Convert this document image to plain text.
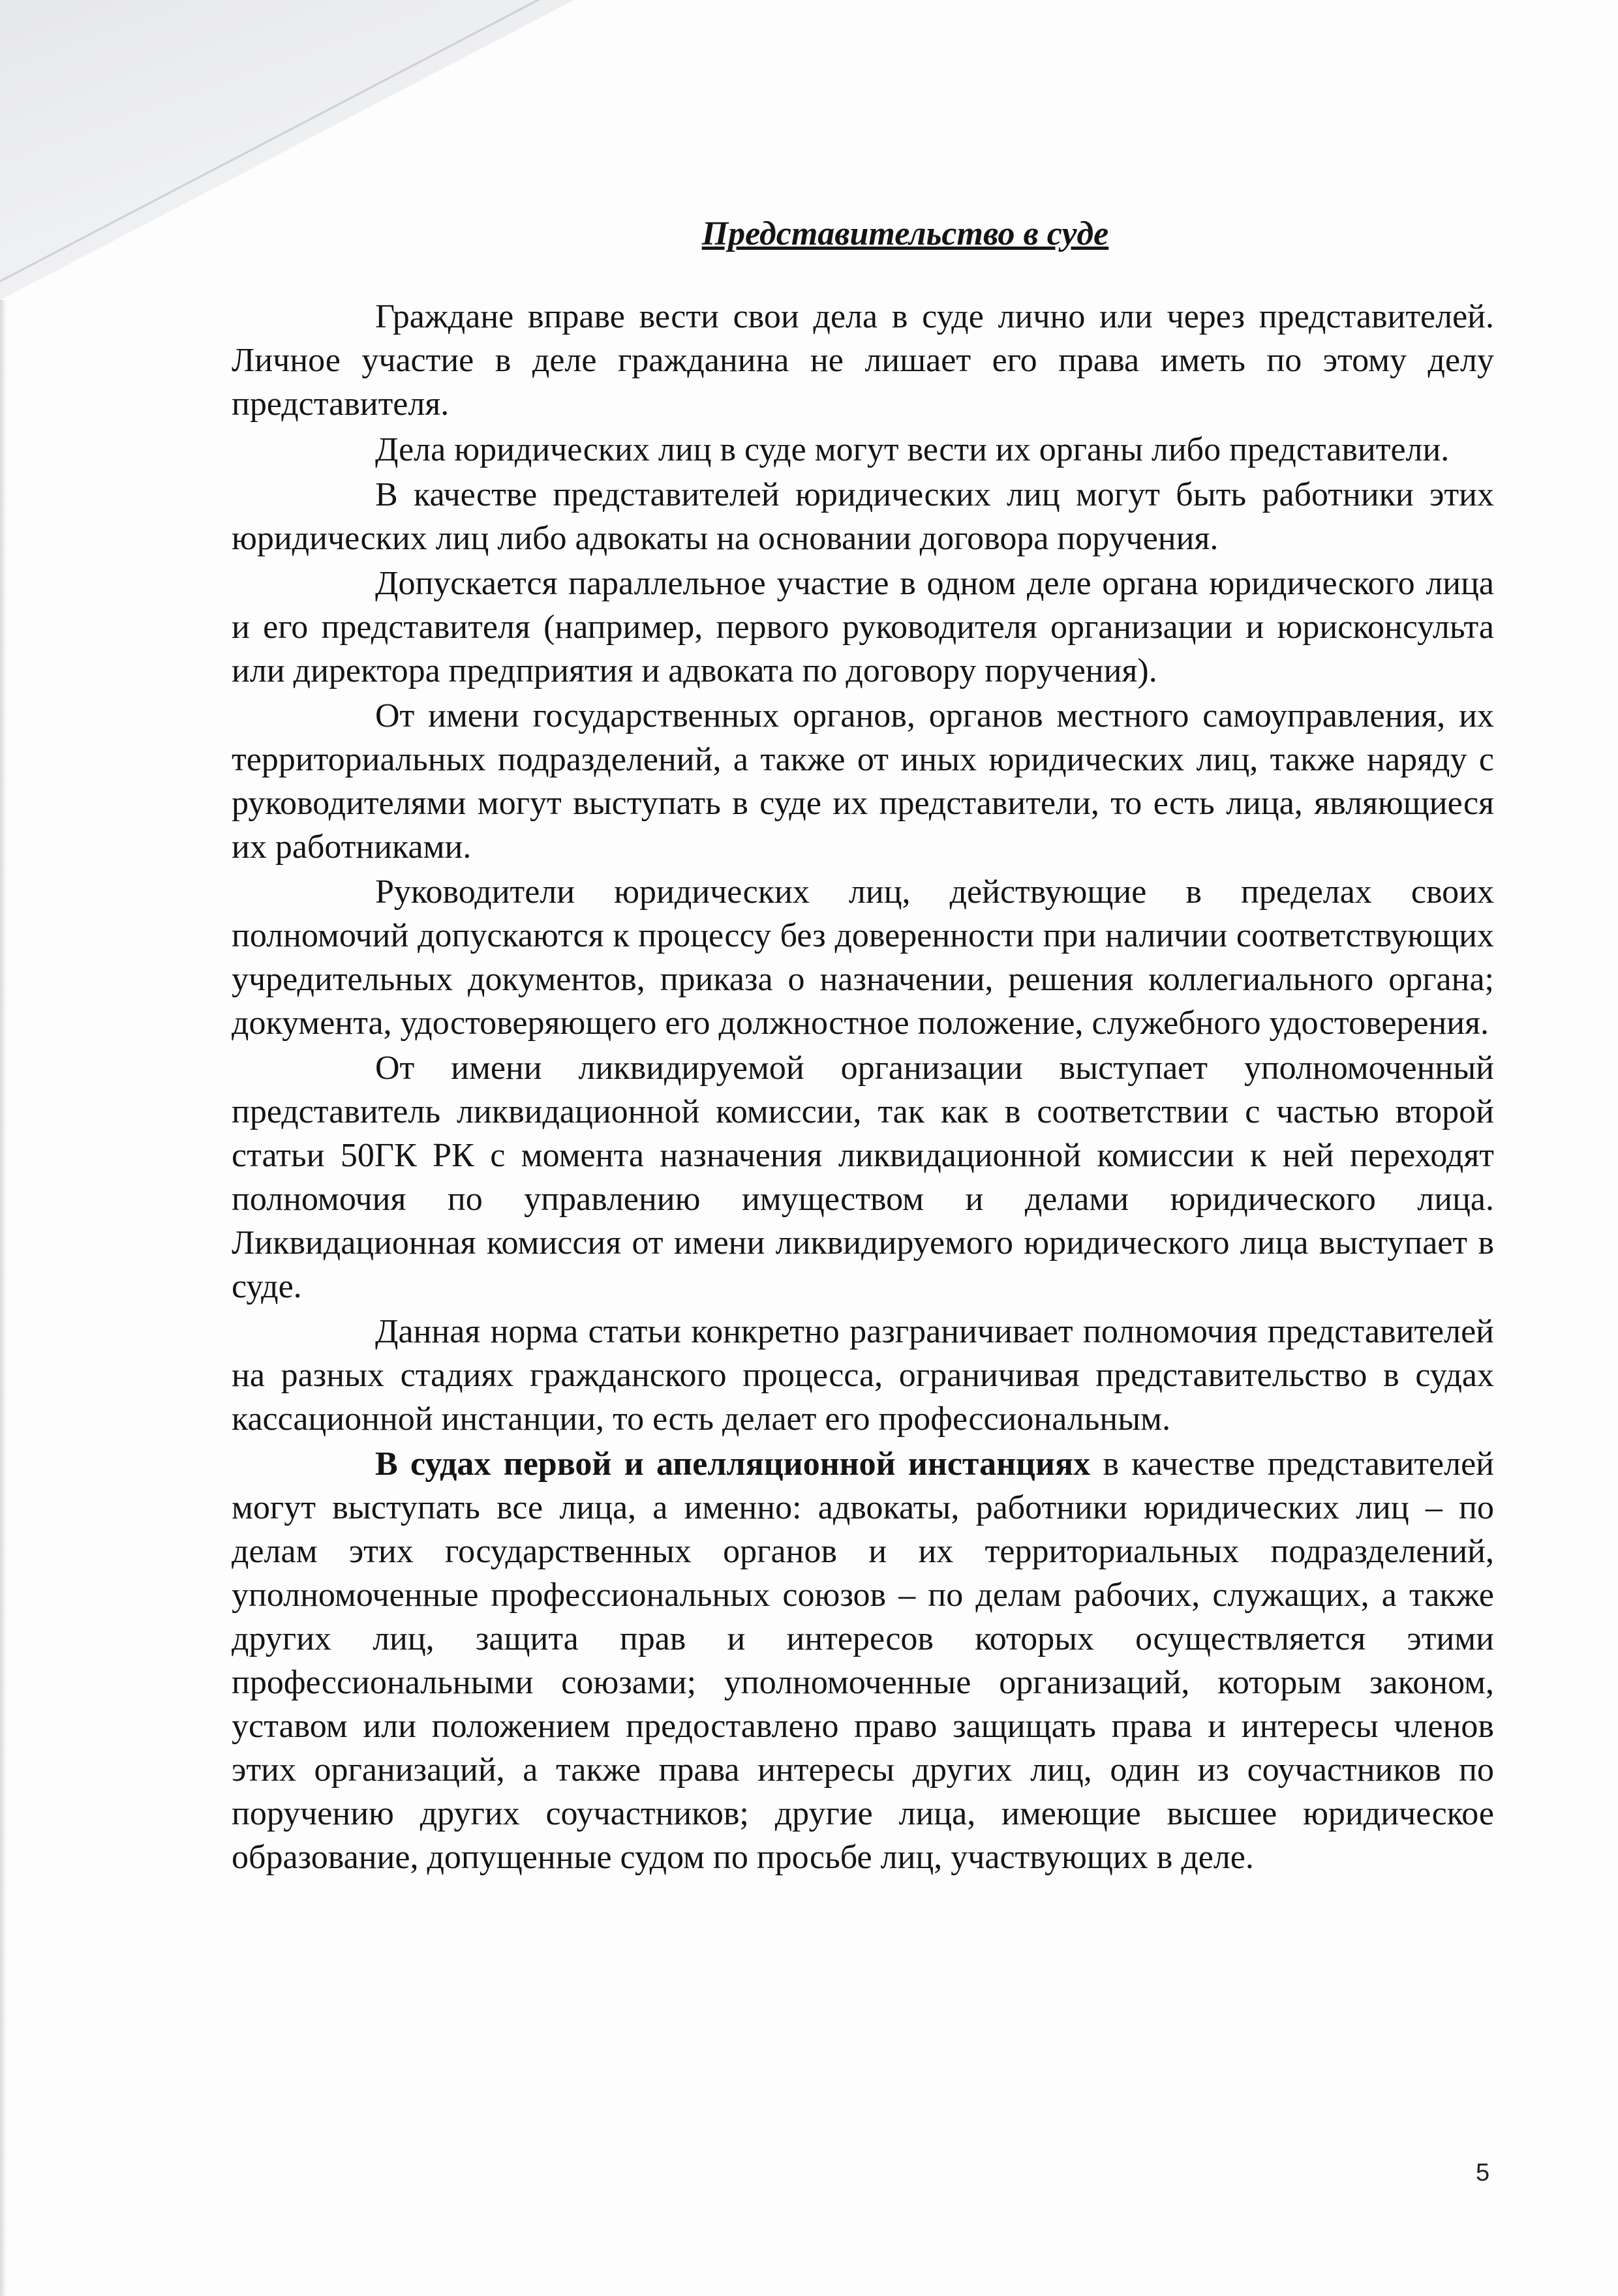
Представительство в суде

Граждане вправе вести свои дела в суде лично или через представителей. Личное участие в деле гражданина не лишает его права иметь по этому делу представителя.

Дела юридических лиц в суде могут вести их органы либо представители.

В качестве представителей юридических лиц могут быть работники этих юридических лиц либо адвокаты на основании договора поручения.

Допускается параллельное участие в одном деле органа юридического лица и его представителя (например, первого руководителя организации и юрисконсульта или директора предприятия и адвоката по договору поручения).

От имени государственных органов, органов местного самоуправления, их территориальных подразделений, а также от иных юридических лиц, также наряду с руководителями могут выступать в суде их представители, то есть лица, являющиеся их работниками.

Руководители юридических лиц, действующие в пределах своих полномочий допускаются к процессу без доверенности при наличии соответствующих учредительных документов, приказа о назначении, решения коллегиального органа; документа, удостоверяющего его должностное положение, служебного удостоверения.

От имени ликвидируемой организации выступает уполномоченный представитель ликвидационной комиссии, так как в соответствии с частью второй статьи 50ГК РК с момента назначения ликвидационной комиссии к ней переходят полномочия по управлению имуществом и делами юридического лица. Ликвидационная комиссия от имени ликвидируемого юридического лица выступает в суде.

Данная норма статьи конкретно разграничивает полномочия представителей на разных стадиях гражданского процесса, ограничивая представительство в судах кассационной инстанции, то есть делает его профессиональным.

В судах первой и апелляционной инстанциях в качестве представителей могут выступать все лица, а именно: адвокаты, работники юридических лиц – по делам этих государственных органов и их территориальных подразделений, уполномоченные профессиональных союзов – по делам рабочих, служащих, а также других лиц, защита прав и интересов которых осуществляется этими профессиональными союзами; уполномоченные организаций, которым законом, уставом или положением предоставлено право защищать права и интересы членов этих организаций, а также права интересы других лиц, один из соучастников по поручению других соучастников; другие лица, имеющие высшее юридическое образование, допущенные судом по просьбе лиц, участвующих в деле.

5
